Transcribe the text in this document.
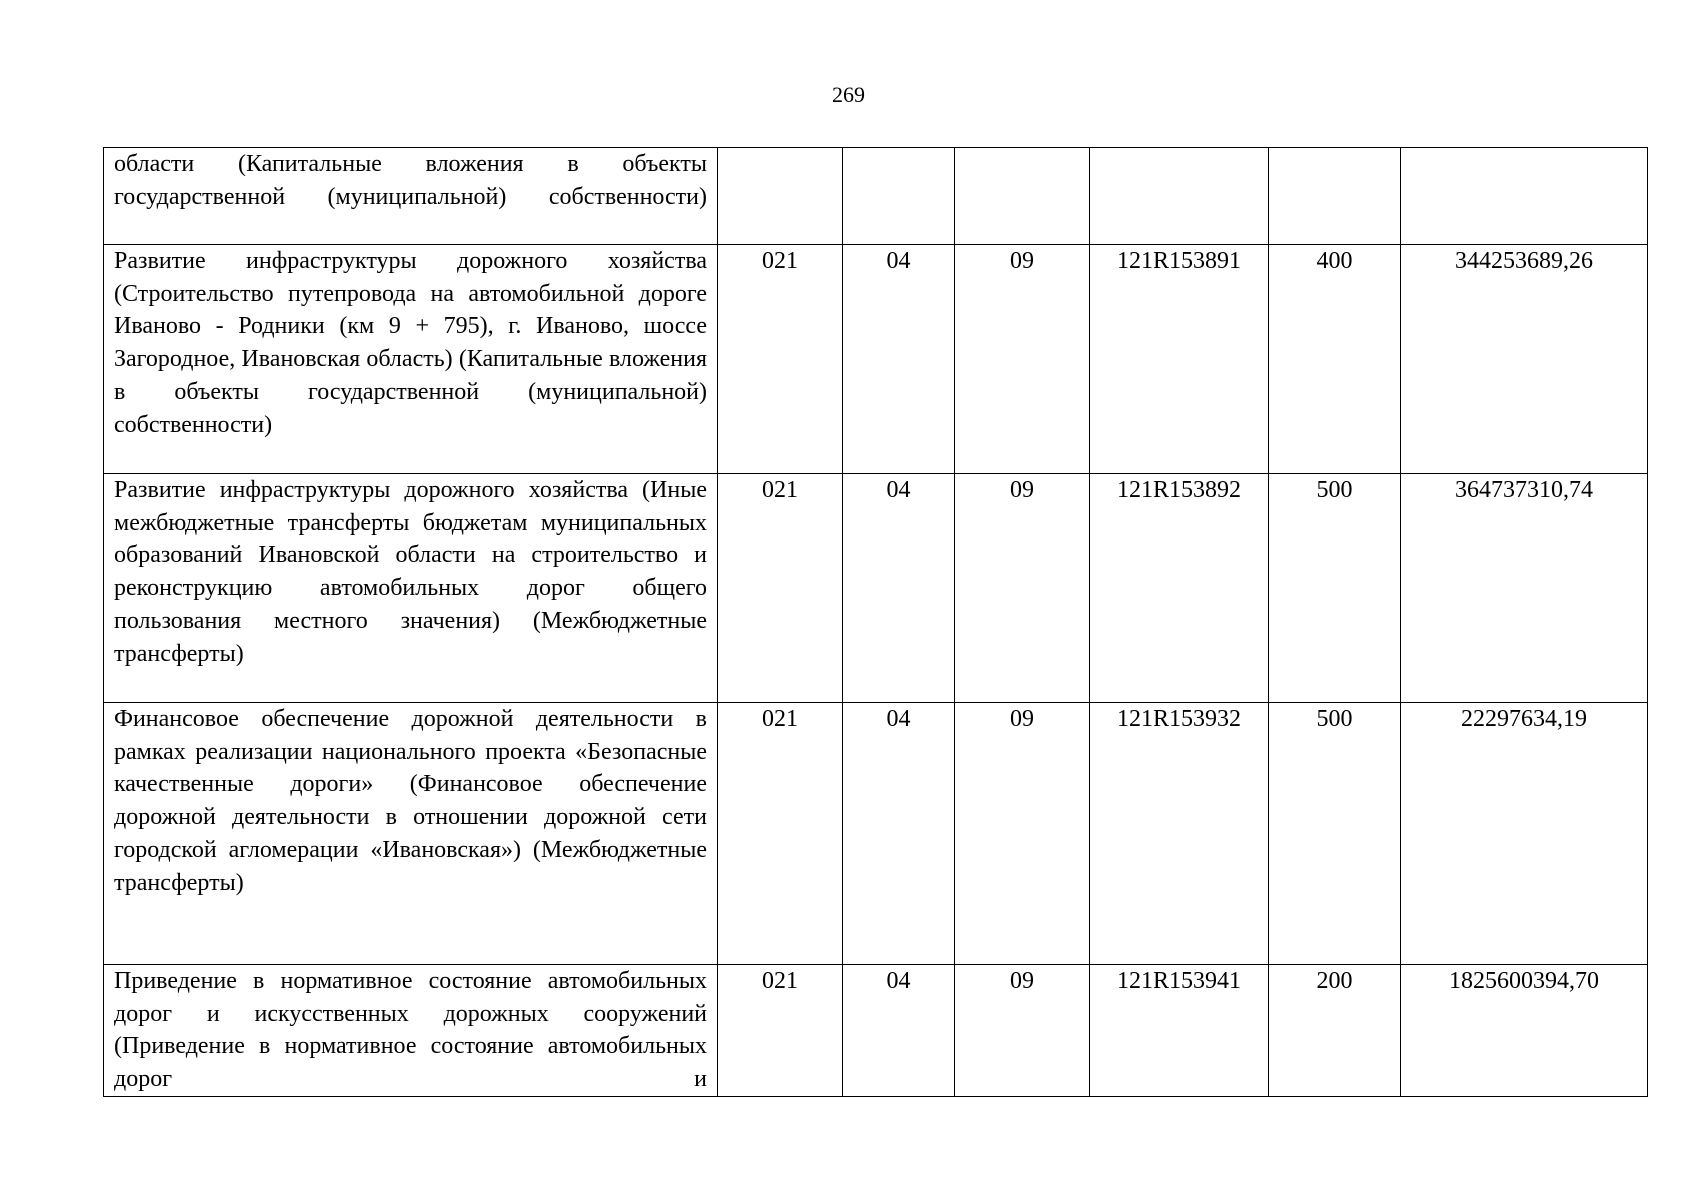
269
области (Капитальные вложения в объекты государственной (муниципальной) собственности)						

Развитие инфраструктуры дорожного хозяйства (Строительство путепровода на автомобильной дороге Иваново - Родники (км 9 + 795), г. Иваново, шоссе Загородное, Ивановская область) (Капитальные вложения в объекты государственной (муниципальной) собственности)	021	04	09	121R153891	400	344253689,26

Развитие инфраструктуры дорожного хозяйства (Иные межбюджетные трансферты бюджетам муниципальных образований Ивановской области на строительство и реконструкцию автомобильных дорог общего пользования местного значения) (Межбюджетные трансферты)	021	04	09	121R153892	500	364737310,74

Финансовое обеспечение дорожной деятельности в рамках реализации национального проекта «Безопасные качественные дороги» (Финансовое обеспечение дорожной деятельности в отношении дорожной сети городской агломерации «Ивановская») (Межбюджетные трансферты)	021	04	09	121R153932	500	22297634,19

Приведение в нормативное состояние автомобильных дорог и искусственных дорожных сооружений (Приведение в нормативное состояние автомобильных дорог и	021	04	09	121R153941	200	1825600394,70
